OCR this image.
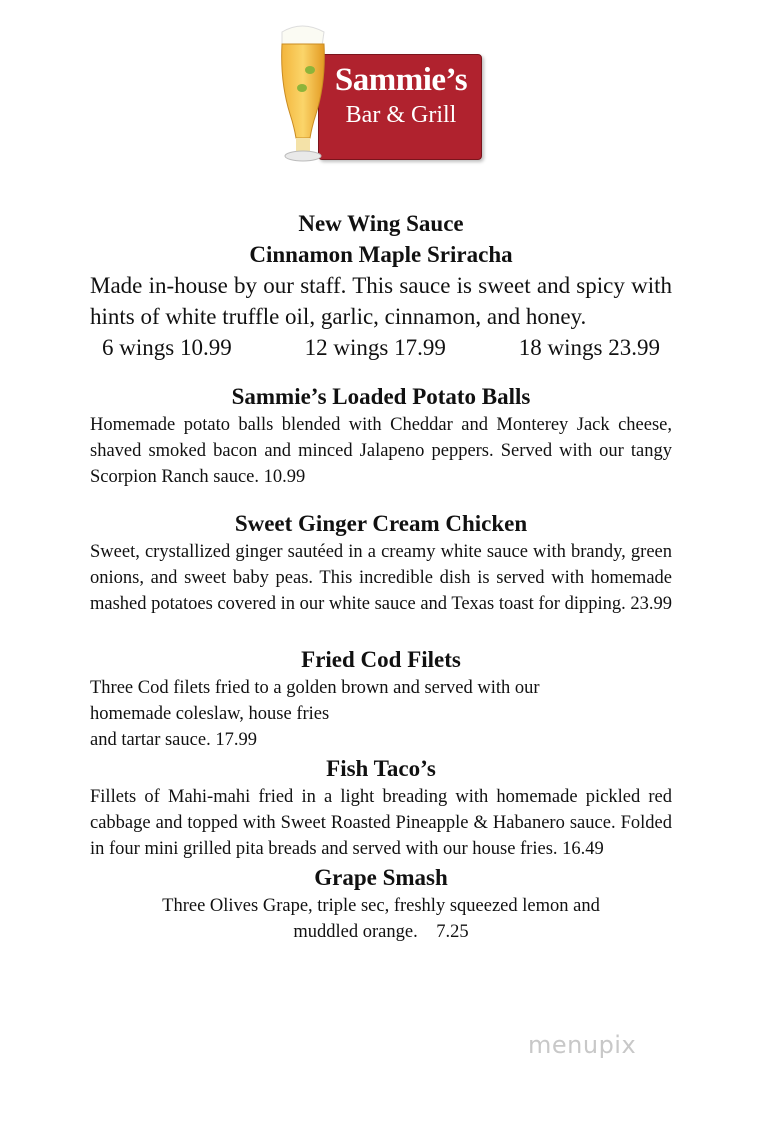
Sammie’s
Bar & Grill

New Wing Sauce

Cinnamon Maple Sriracha

Made in-house by our staff. This sauce is sweet and spicy with hints of white truffle oil, garlic, cinnamon, and honey.

6 wings 10.99	12 wings 17.99	18 wings 23.99

Sammie’s Loaded Potato Balls

Homemade potato balls blended with Cheddar and Monterey Jack cheese, shaved smoked bacon and minced Jalapeno peppers. Served with our tangy Scorpion Ranch sauce. 10.99

Sweet Ginger Cream Chicken

Sweet, crystallized ginger sautéed in a creamy white sauce with brandy, green onions, and sweet baby peas. This incredible dish is served with homemade mashed potatoes covered in our white sauce and Texas toast for dipping. 23.99

Fried Cod Filets

Three Cod filets fried to a golden brown and served with our

homemade coleslaw, house fries

and tartar sauce. 17.99

Fish Taco’s

Fillets of Mahi-mahi fried in a light breading with homemade pickled red cabbage and topped with Sweet Roasted Pineapple & Habanero sauce. Folded in four mini grilled pita breads and served with our house fries. 16.49

Grape Smash

Three Olives Grape, triple sec, freshly squeezed lemon and

muddled orange.    7.25

menupix
